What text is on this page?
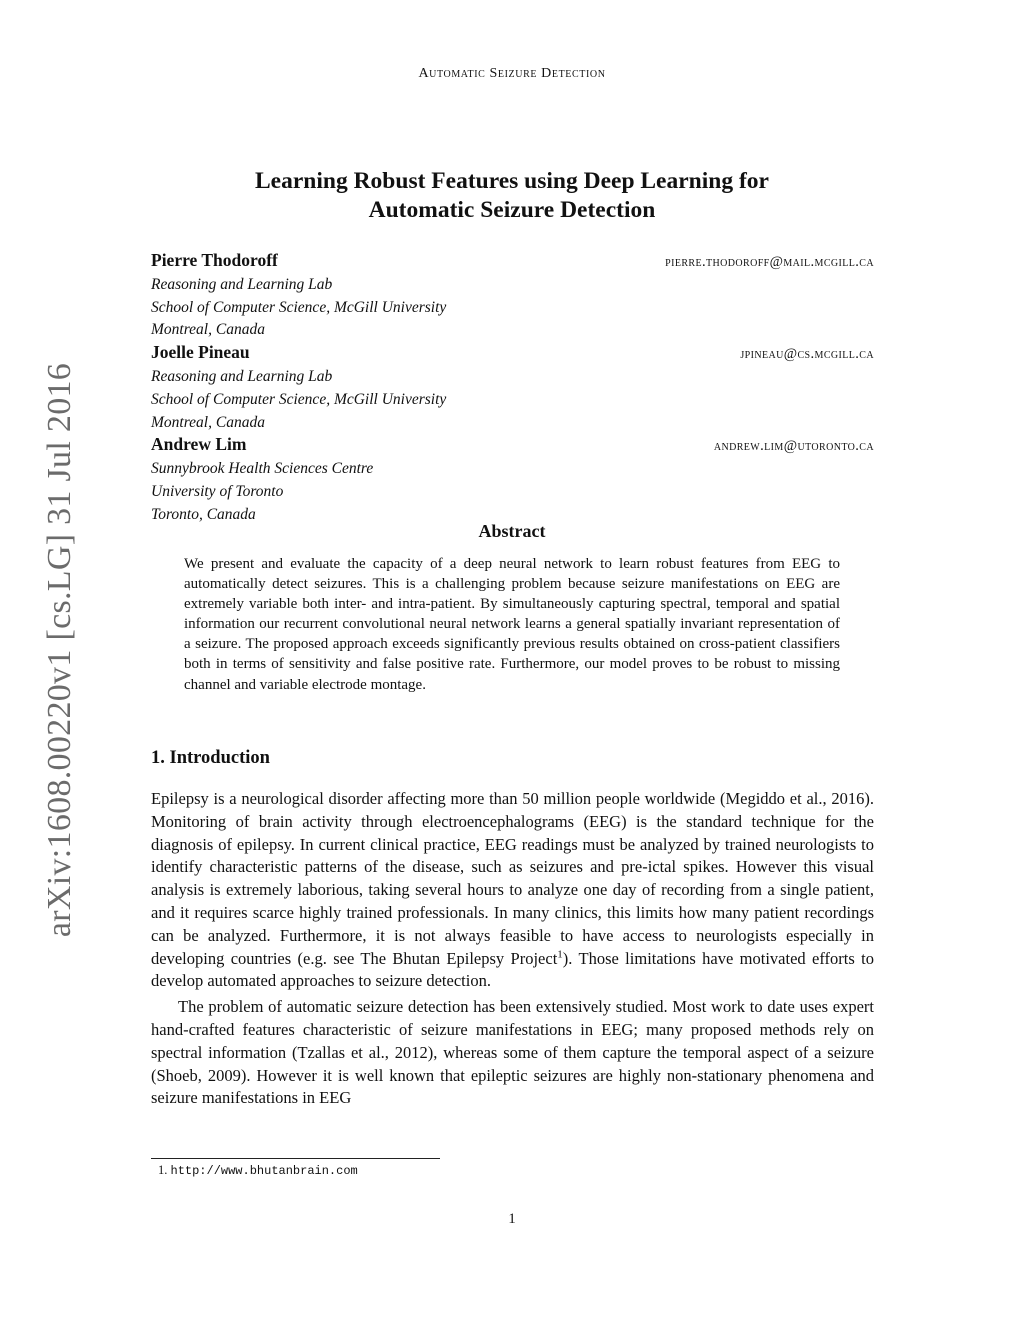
Automatic Seizure Detection
arXiv:1608.00220v1 [cs.LG] 31 Jul 2016
Learning Robust Features using Deep Learning for
Automatic Seizure Detection
Pierre Thodoroff	pierre.thodoroff@mail.mcgill.ca
Reasoning and Learning Lab
School of Computer Science, McGill University
Montreal, Canada
Joelle Pineau	jpineau@cs.mcgill.ca
Reasoning and Learning Lab
School of Computer Science, McGill University
Montreal, Canada
Andrew Lim	andrew.lim@utoronto.ca
Sunnybrook Health Sciences Centre
University of Toronto
Toronto, Canada
Abstract
We present and evaluate the capacity of a deep neural network to learn robust features from EEG to automatically detect seizures. This is a challenging problem because seizure manifestations on EEG are extremely variable both inter- and intra-patient. By simultaneously capturing spectral, temporal and spatial information our recurrent convolutional neural network learns a general spatially invariant representation of a seizure. The proposed approach exceeds significantly previous results obtained on cross-patient classifiers both in terms of sensitivity and false positive rate. Furthermore, our model proves to be robust to missing channel and variable electrode montage.
1. Introduction

Epilepsy is a neurological disorder affecting more than 50 million people worldwide (Megiddo et al., 2016). Monitoring of brain activity through electroencephalograms (EEG) is the standard technique for the diagnosis of epilepsy. In current clinical practice, EEG readings must be analyzed by trained neurologists to identify characteristic patterns of the disease, such as seizures and pre-ictal spikes. However this visual analysis is extremely laborious, taking several hours to analyze one day of recording from a single patient, and it requires scarce highly trained professionals. In many clinics, this limits how many patient recordings can be analyzed. Furthermore, it is not always feasible to have access to neurologists especially in developing countries (e.g. see The Bhutan Epilepsy Project$^1$). Those limitations have motivated efforts to develop automated approaches to seizure detection.

The problem of automatic seizure detection has been extensively studied. Most work to date uses expert hand-crafted features characteristic of seizure manifestations in EEG; many proposed methods rely on spectral information (Tzallas et al., 2012), whereas some of them capture the temporal aspect of a seizure (Shoeb, 2009). However it is well known that epileptic seizures are highly non-stationary phenomena and seizure manifestations in EEG

1. http://www.bhutanbrain.com
1
